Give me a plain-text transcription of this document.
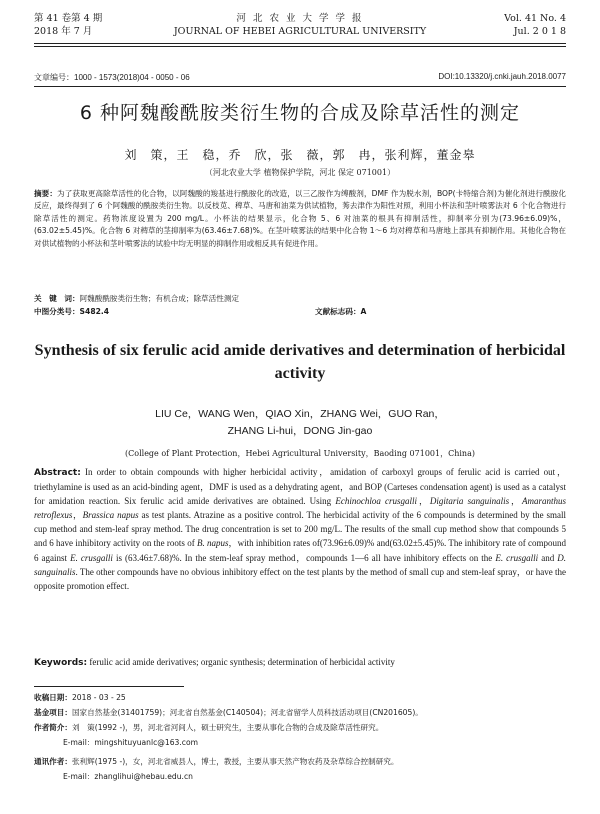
第 41 卷第 4 期
2018 年 7 月
河 北 农 业 大 学 学 报
JOURNAL OF HEBEI AGRICULTURAL UNIVERSITY
Vol. 41 No. 4
Jul. 2 0 1 8
文章编号：1000 - 1573(2018)04 - 0050 - 06	DOI:10.13320/j.cnki.jauh.2018.0077
6 种阿魏酸酰胺类衍生物的合成及除草活性的测定
刘　策，王　稳，乔　欣，张　薇，郭　冉，张利辉，董金皋
（河北农业大学 植物保护学院，河北 保定 071001）
摘要：为了获取更高除草活性的化合物，以阿魏酸的羧基进行酰胺化的改造，以三乙胺作为缚酸剂，DMF 作为脱水剂，BOP(卡特缩合剂)为催化剂进行酰胺化反应，最终得到了 6 个阿魏酸的酰胺类衍生物。以反枝苋、稗草、马唐和油菜为供试植物，莠去津作为阳性对照，利用小杯法和茎叶喷雾法对 6 个化合物进行除草活性的测定。药物浓度设置为 200 mg/L。小杯法的结果显示，化合物 5、6 对油菜的根具有抑制活性，抑制率分别为(73.96±6.09)%，(63.02±5.45)%。化合物 6 对稗草的茎抑制率为(63.46±7.68)%。在茎叶喷雾法的结果中化合物 1～6 均对稗草和马唐地上部具有抑制作用。其他化合物在对供试植物的小杯法和茎叶喷雾法的试验中均无明显的抑制作用或相反具有促进作用。
关　键　词：阿魏酸酰胺类衍生物；有机合成；除草活性测定
中图分类号：S482.4	文献标志码：A
Synthesis of six ferulic acid amide derivatives and determination of herbicidal activity
LIU Ce，WANG Wen，QIAO Xin，ZHANG Wei，GUO Ran，
ZHANG Li-hui，DONG Jin-gao
(College of Plant Protection，Hebei Agricultural University，Baoding 071001，China)
Abstract: In order to obtain compounds with higher herbicidal activity，amidation of carboxyl groups of ferulic acid is carried out，triethylamine is used as an acid-binding agent，DMF is used as a dehydrating agent，and BOP (Carteses condensation agent) is used as a catalyst for amidation reaction. Six ferulic acid amide derivatives are obtained. Using Echinochloa crusgalli，Digitaria sanguinalis，Amaranthus retroflexus，Brassica napus as test plants. Atrazine as a positive control. The herbicidal activity of the 6 compounds is determined by the small cup method and stem-leaf spray method. The drug concentration is set to 200 mg/L. The results of the small cup method show that compounds 5 and 6 have inhibitory activity on the roots of B. napus，with inhibition rates of(73.96±6.09)% and(63.02±5.45)%. The inhibitory rate of compound 6 against E. crusgalli is (63.46±7.68)%. In the stem-leaf spray method，compounds 1—6 all have inhibitory effects on the E. crusgalli and D. sanguinalis. The other compounds have no obvious inhibitory effect on the test plants by the method of small cup and stem-leaf spray，or have the opposite promotion effect.
Keywords: ferulic acid amide derivatives; organic synthesis; determination of herbicidal activity
收稿日期：2018 - 03 - 25
基金项目：国家自然基金(31401759)；河北省自然基金(C140504)；河北省留学人员科技活动项目(CN201605)。
作者简介：刘　策(1992 -)，男，河北省河间人，硕士研究生，主要从事化合物的合成及除草活性研究。
E-mail：mingshituyuanlc@163.com
通讯作者：张利辉(1975 -)，女，河北省威县人，博士，教授，主要从事天然产物农药及杂草综合控制研究。
E-mail：zhanglihui@hebau.edu.cn
